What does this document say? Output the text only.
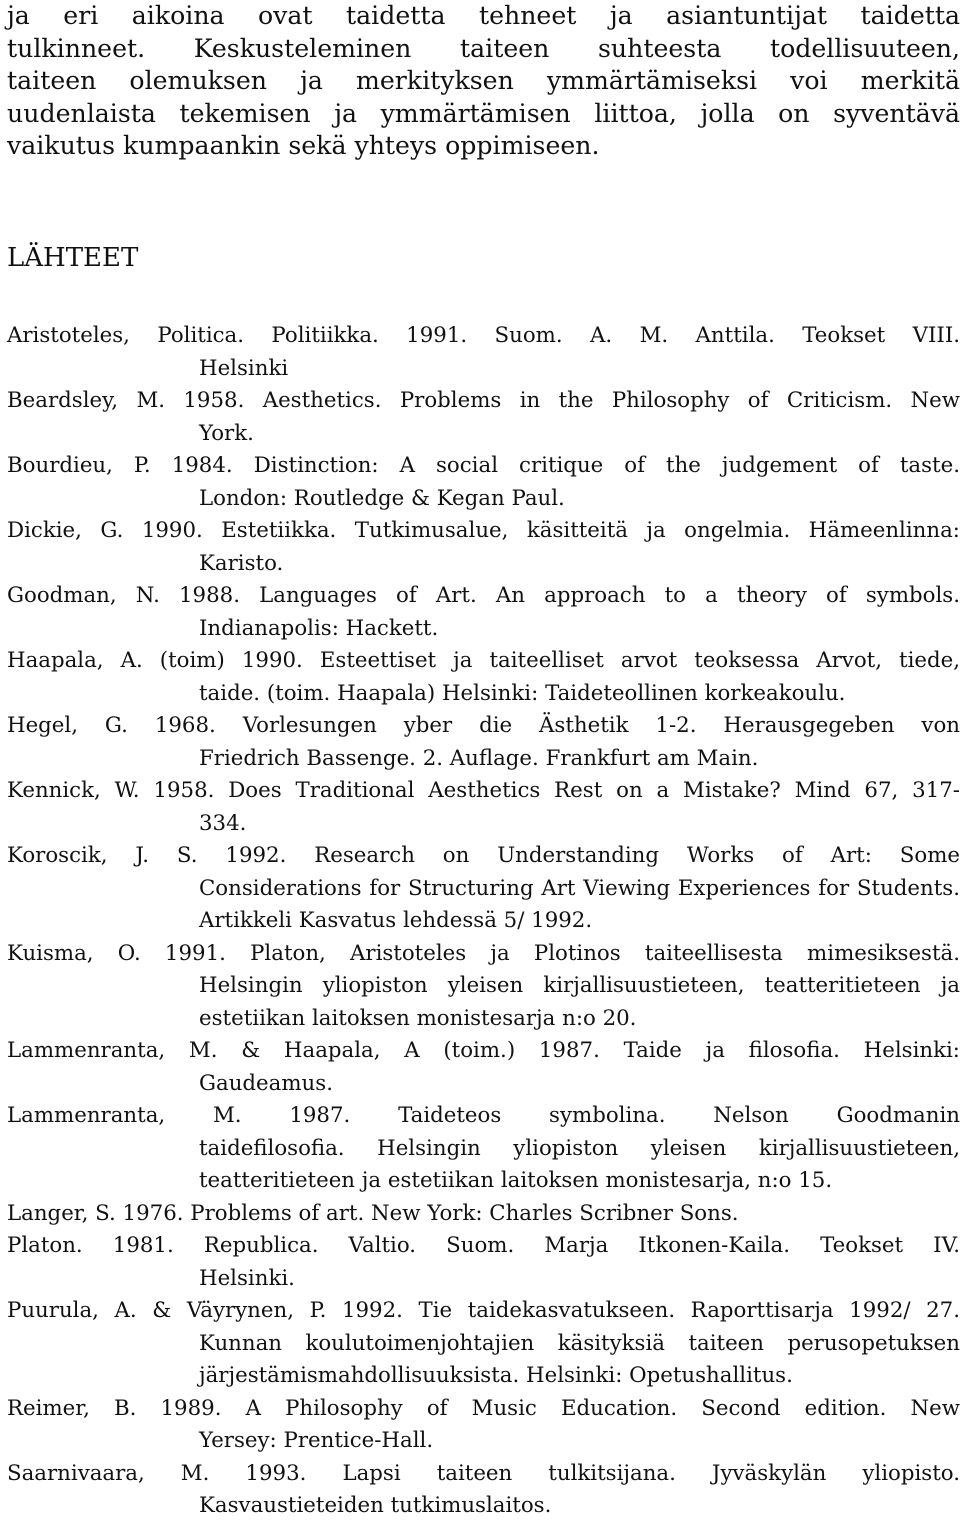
ja eri aikoina ovat taidetta tehneet ja asiantuntijat taidetta
tulkinneet. Keskusteleminen taiteen suhteesta todellisuuteen,
taiteen olemuksen ja merkityksen ymmärtämiseksi voi merkitä
uudenlaista tekemisen ja ymmärtämisen liittoa, jolla on syventävä
vaikutus kumpaankin sekä yhteys oppimiseen.
LÄHTEET
Aristoteles, Politica. Politiikka. 1991. Suom. A. M. Anttila. Teokset VIII.
Helsinki
Beardsley, M. 1958. Aesthetics. Problems in the Philosophy of Criticism. New
York.
Bourdieu, P. 1984. Distinction: A social critique of the judgement of taste.
London: Routledge & Kegan Paul.
Dickie, G. 1990. Estetiikka. Tutkimusalue, käsitteitä ja ongelmia. Hämeenlinna:
Karisto.
Goodman, N. 1988. Languages of Art. An approach to a theory of symbols.
Indianapolis: Hackett.
Haapala, A. (toim) 1990. Esteettiset ja taiteelliset arvot teoksessa Arvot, tiede,
taide. (toim. Haapala) Helsinki: Taideteollinen korkeakoulu.
Hegel, G. 1968. Vorlesungen yber die Ästhetik 1-2. Herausgegeben von
Friedrich Bassenge. 2. Auflage. Frankfurt am Main.
Kennick, W. 1958. Does Traditional Aesthetics Rest on a Mistake? Mind 67, 317-
334.
Koroscik, J. S. 1992. Research on Understanding Works of Art: Some
Considerations for Structuring Art Viewing Experiences for Students.
Artikkeli Kasvatus lehdessä 5/ 1992.
Kuisma, O. 1991. Platon, Aristoteles ja Plotinos taiteellisesta mimesiksestä.
Helsingin yliopiston yleisen kirjallisuustieteen, teatteritieteen ja
estetiikan laitoksen monistesarja n:o 20.
Lammenranta, M. & Haapala, A (toim.) 1987. Taide ja filosofia. Helsinki:
Gaudeamus.
Lammenranta, M. 1987. Taideteos symbolina. Nelson Goodmanin
taidefilosofia. Helsingin yliopiston yleisen kirjallisuustieteen,
teatteritieteen ja estetiikan laitoksen monistesarja, n:o 15.
Langer, S. 1976. Problems of art. New York: Charles Scribner Sons.
Platon. 1981. Republica. Valtio. Suom. Marja Itkonen-Kaila. Teokset IV.
Helsinki.
Puurula, A. & Väyrynen, P. 1992. Tie taidekasvatukseen. Raporttisarja 1992/ 27.
Kunnan koulutoimenjohtajien käsityksiä taiteen perusopetuksen
järjestämismahdollisuuksista. Helsinki: Opetushallitus.
Reimer, B. 1989. A Philosophy of Music Education. Second edition. New
Yersey: Prentice-Hall.
Saarnivaara, M. 1993. Lapsi taiteen tulkitsijana. Jyväskylän yliopisto.
Kasvaustieteiden tutkimuslaitos.
